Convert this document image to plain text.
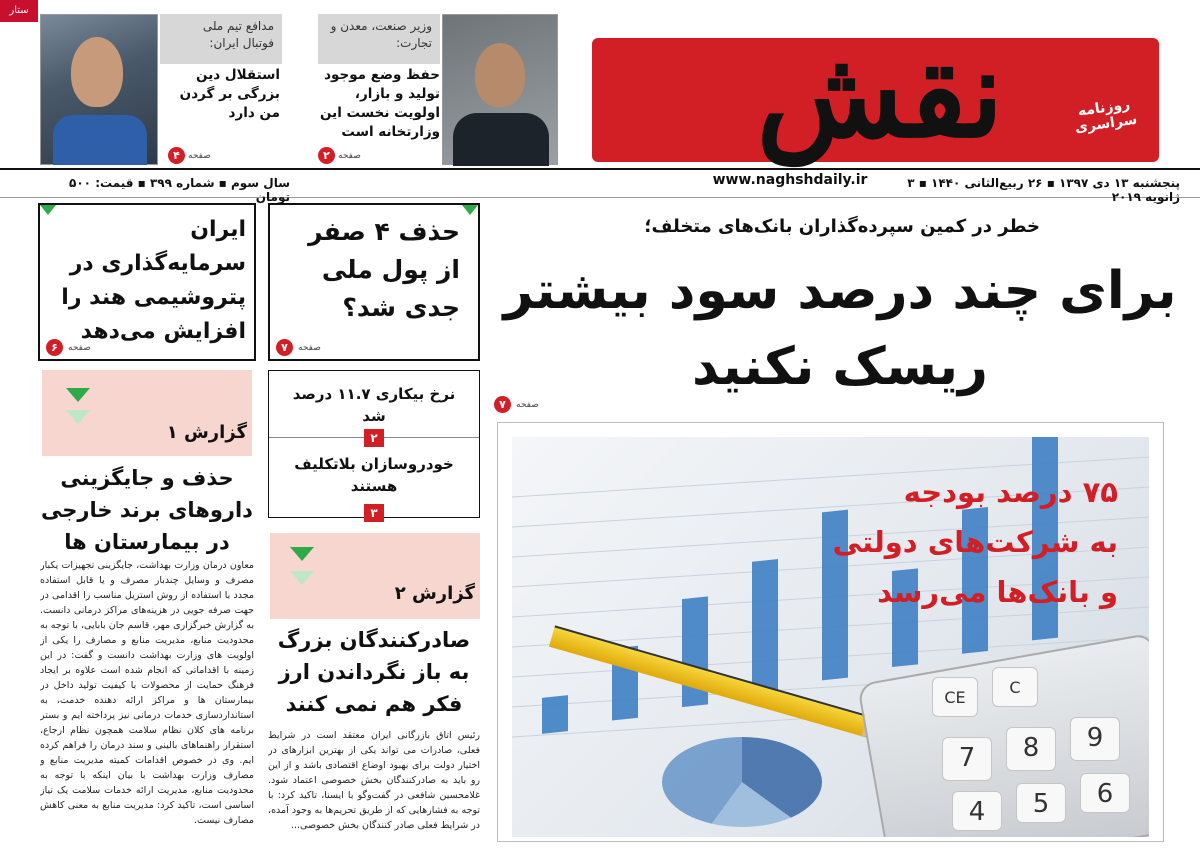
ستار
نقش	روزنامه سراسری
مدافع تیم ملی فوتبال ایران:
استقلال دین بزرگی بر گردن من دارد
۴ صفحه
وزیر صنعت، معدن و تجارت:
حفظ وضع موجود تولید و بازار، اولویت نخست این وزارتخانه است
۲ صفحه
پنجشنبه ۱۳ دی ۱۳۹۷ ▪ ۲۶ ربیع‌الثانی ۱۴۴۰ ▪ ۳ ژانویه ۲۰۱۹
www.naghshdaily.ir
سال سوم ▪ شماره ۳۹۹ ▪ قیمت: ۵۰۰ تومان
خطر در کمین سپرده‌گذاران بانک‌های متخلف؛
برای چند درصد سود بیشتر
ریسک نکنید
۷	صفحه
ایران سرمایه‌گذاری در پتروشیمی هند را افزایش می‌دهد
۶	صفحه
حذف ۴ صفر از پول ملی جدی شد؟
۷	صفحه
نرخ بیکاری ۱۱.۷ درصد شد
۲
خودروسازان بلاتکلیف هستند
۳
گزارش ۱
حذف و جایگزینی داروهای برند خارجی در بیمارستان ها
معاون درمان وزارت بهداشت، جایگزینی تجهیزات یکبار مصرف و وسایل چندبار مصرف و یا قابل استفاده مجدد با استفاده از روش استریل مناسب را اقدامی در جهت صرفه جویی در هزینه‌های مراکز درمانی دانست. به گزارش خبرگزاری مهر، قاسم جان بابایی، با توجه به محدودیت منابع، مدیریت منابع و مصارف را یکی از اولویت های وزارت بهداشت دانست و گفت: در این زمینه با اقداماتی که انجام شده است علاوه بر ایجاد فرهنگ حمایت از محصولات با کیفیت تولید داخل در بیمارستان ها و مراکز ارائه دهنده خدمت، به استانداردسازی خدمات درمانی نیز پرداخته ایم و بستر برنامه های کلان نظام سلامت همچون نظام ارجاع، استقرار راهنماهای بالینی و سند درمان را فراهم کرده ایم. وی در خصوص اقدامات کمیته مدیریت منابع و مصارف وزارت بهداشت با بیان اینکه با توجه به محدودیت منابع، مدیریت ارائه خدمات سلامت یک نیاز اساسی است، تاکید کرد: مدیریت منابع به معنی کاهش مصارف نیست.
گزارش ۲
صادرکنندگان بزرگ به باز نگرداندن ارز فکر هم نمی کنند
رئیس اتاق بازرگانی ایران معتقد است در شرایط فعلی، صادرات می تواند یکی از بهترین ابزارهای در اختیار دولت برای بهبود اوضاع اقتصادی باشد و از این رو باید به صادرکنندگان بخش خصوصی اعتماد شود. غلامحسین شافعی در گفت‌وگو با ایسنا، تاکید کرد: با توجه به فشارهایی که از طریق تحریم‌ها به وجود آمده، در شرایط فعلی صادر کنندگان بخش خصوصی...
CE
C
7	8	9
4	5	6
۷۵ درصد بودجه
به شرکت‌های دولتی
و بانک‌ها می‌رسد
